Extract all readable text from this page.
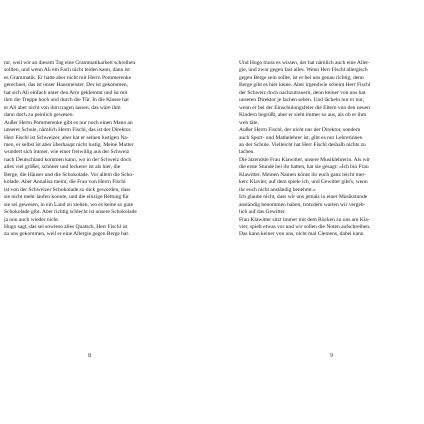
mr, weil wir an diesem Tag eine Grammatikarbeit schreiben
sollten, und wenn Ali ein Fach nicht leiden kann, dann ist
es Grammatik. Er hatte aber nicht mit Herrn Pommerenke
gerechnet, das ist unser Hausmeister. Der ist gekommen,
hat sich Ali einfach unter den Arm geklemmt und ist mit
ihm die Treppe hoch und durch die Tür. In die Klasse hat
er Ali aber nicht von ihm tragen lassen, das wäre ihm
dann doch zu peinlich gewesen.
Außer Herrn Pommerenke gibt es nur noch einen Mann an
unserer Schule, nämlich Herrn Fischl, das ist der Direktor.
Herr Fischl ist Schweizer, aber hat er seinen lustigen Na-
men, er selbst ist aber überhaupt nicht lustig. Meine Mutter
wundert sich immer, wie einer freiwillig aus der Schweiz
nach Deutschland kommen kann, wo in der Schweiz doch
alles viel größer, schöner und leckerer ist als hier, die
Berge, die Häuser und die Schokolade. Vor allem die Scho-
kolade. Aber Annalisa meint, die Frau von Herrn Fischl
ist von der Schweizer Schokolade so dick geworden, dass
sie nicht mehr laufen konnte, und die einzige Rettung für
sie sei gewesen, in ein Land zu ziehen, wo es keine so gute
Schokolade gibt. Aber richtig schlecht ist unsere Schokolade
ja nun auch wieder nicht.
Hugo sagt, das sei sowieso alles Quatsch, Herr Fischl ist
zu uns gekommen, weil er eine Allergie gegen Berge hat.
8
Und Hugo muss es wissen, der hat nämlich auch eine Aller-
gie, und zwar gegen fast alles. Wenn Herr Fischl allergisch
gegen Berge sein sollte, ist er bei uns genau richtig, denn
Berge gibt es hier keine. Aber irgendwie scheint Herr Fischl
der Schweiz doch nachzutrauern, denn keiner von uns hat
unseren Direktor je lachen sehen. Und lächeln nur er nur,
wenn er bei der Einschulungsfeier die Eltern von den neuen
Kindern begrüßt, aber er sieht immer so aus, als ob er ihm
weh täte.
Außer Herrn Fischl, der nicht nur der Direktor, sondern
auch Sport- und Mathelehrer ist, gibt es nur Lehrerinnen
an der Schule. Vielleicht hat Herr Fischl deshalb nichts zu
lachen.
Die ätzendste Frau Klawitter, unsere Musiklehrerin. Als wir
die erste Stunde bei ihr hatten, hat sie gesagt: »Ich bin Frau
Klawitter. Meinen Namen könnt ihr euch ganz leicht mer-
ken: Klavier, auf dem spiele ich, und Gewitter gibt's, wenn
ihr euch nicht anständig benehmt.«
Ich glaube nicht, dass wir uns jemals in einer Musikstunde
anständig benommen haben, trotzdem warten wir vergeb-
lich auf das Gewitter.
Frau Klawitter sitzt immer mit dem Rücken zu uns am Kla-
vier, spielt etwas vor und wir sollen die Noten aufschreiben.
Das kann keiner von uns, nicht mal Clemens, dabei kann
9
